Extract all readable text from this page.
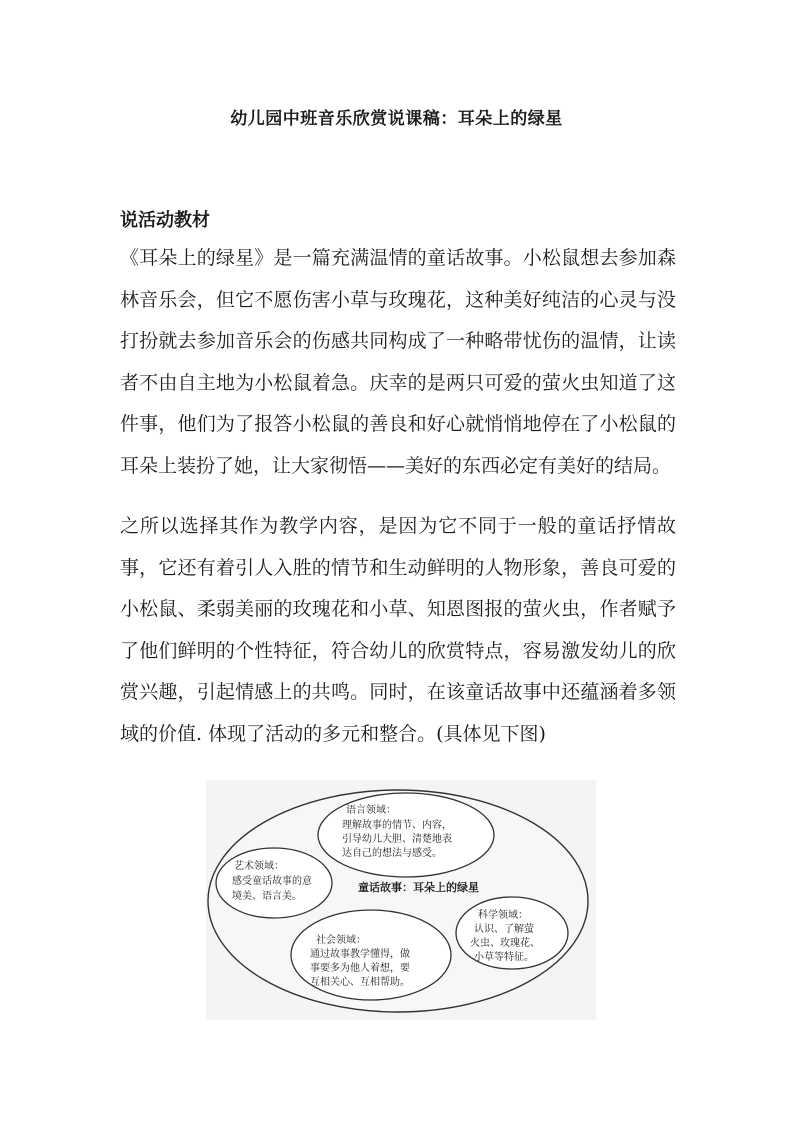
幼儿园中班音乐欣赏说课稿：耳朵上的绿星
说活动教材

《耳朵上的绿星》是一篇充满温情的童话故事。小松鼠想去参加森林音乐会，但它不愿伤害小草与玫瑰花，这种美好纯洁的心灵与没打扮就去参加音乐会的伤感共同构成了一种略带忧伤的温情，让读者不由自主地为小松鼠着急。庆幸的是两只可爱的萤火虫知道了这件事，他们为了报答小松鼠的善良和好心就悄悄地停在了小松鼠的耳朵上装扮了她，让大家彻悟——美好的东西必定有美好的结局。

之所以选择其作为教学内容，是因为它不同于一般的童话抒情故事，它还有着引人入胜的情节和生动鲜明的人物形象，善良可爱的小松鼠、柔弱美丽的玫瑰花和小草、知恩图报的萤火虫，作者赋予了他们鲜明的个性特征，符合幼儿的欣赏特点，容易激发幼儿的欣赏兴趣，引起情感上的共鸣。同时，在该童话故事中还蕴涵着多领域的价值. 体现了活动的多元和整合。(具体见下图)

语言领域：
理解故事的情节、内容，
引导幼儿大胆、清楚地表
达自己的想法与感受。
艺术领域：
感受童话故事的意
境美、语言美。
童话故事：耳朵上的绿星
科学领域：
认识、了解萤
火虫、玫瑰花、
小草等特征。
社会领域：
通过故事教学懂得，做
事要多为他人着想，要
互相关心、互相帮助。
